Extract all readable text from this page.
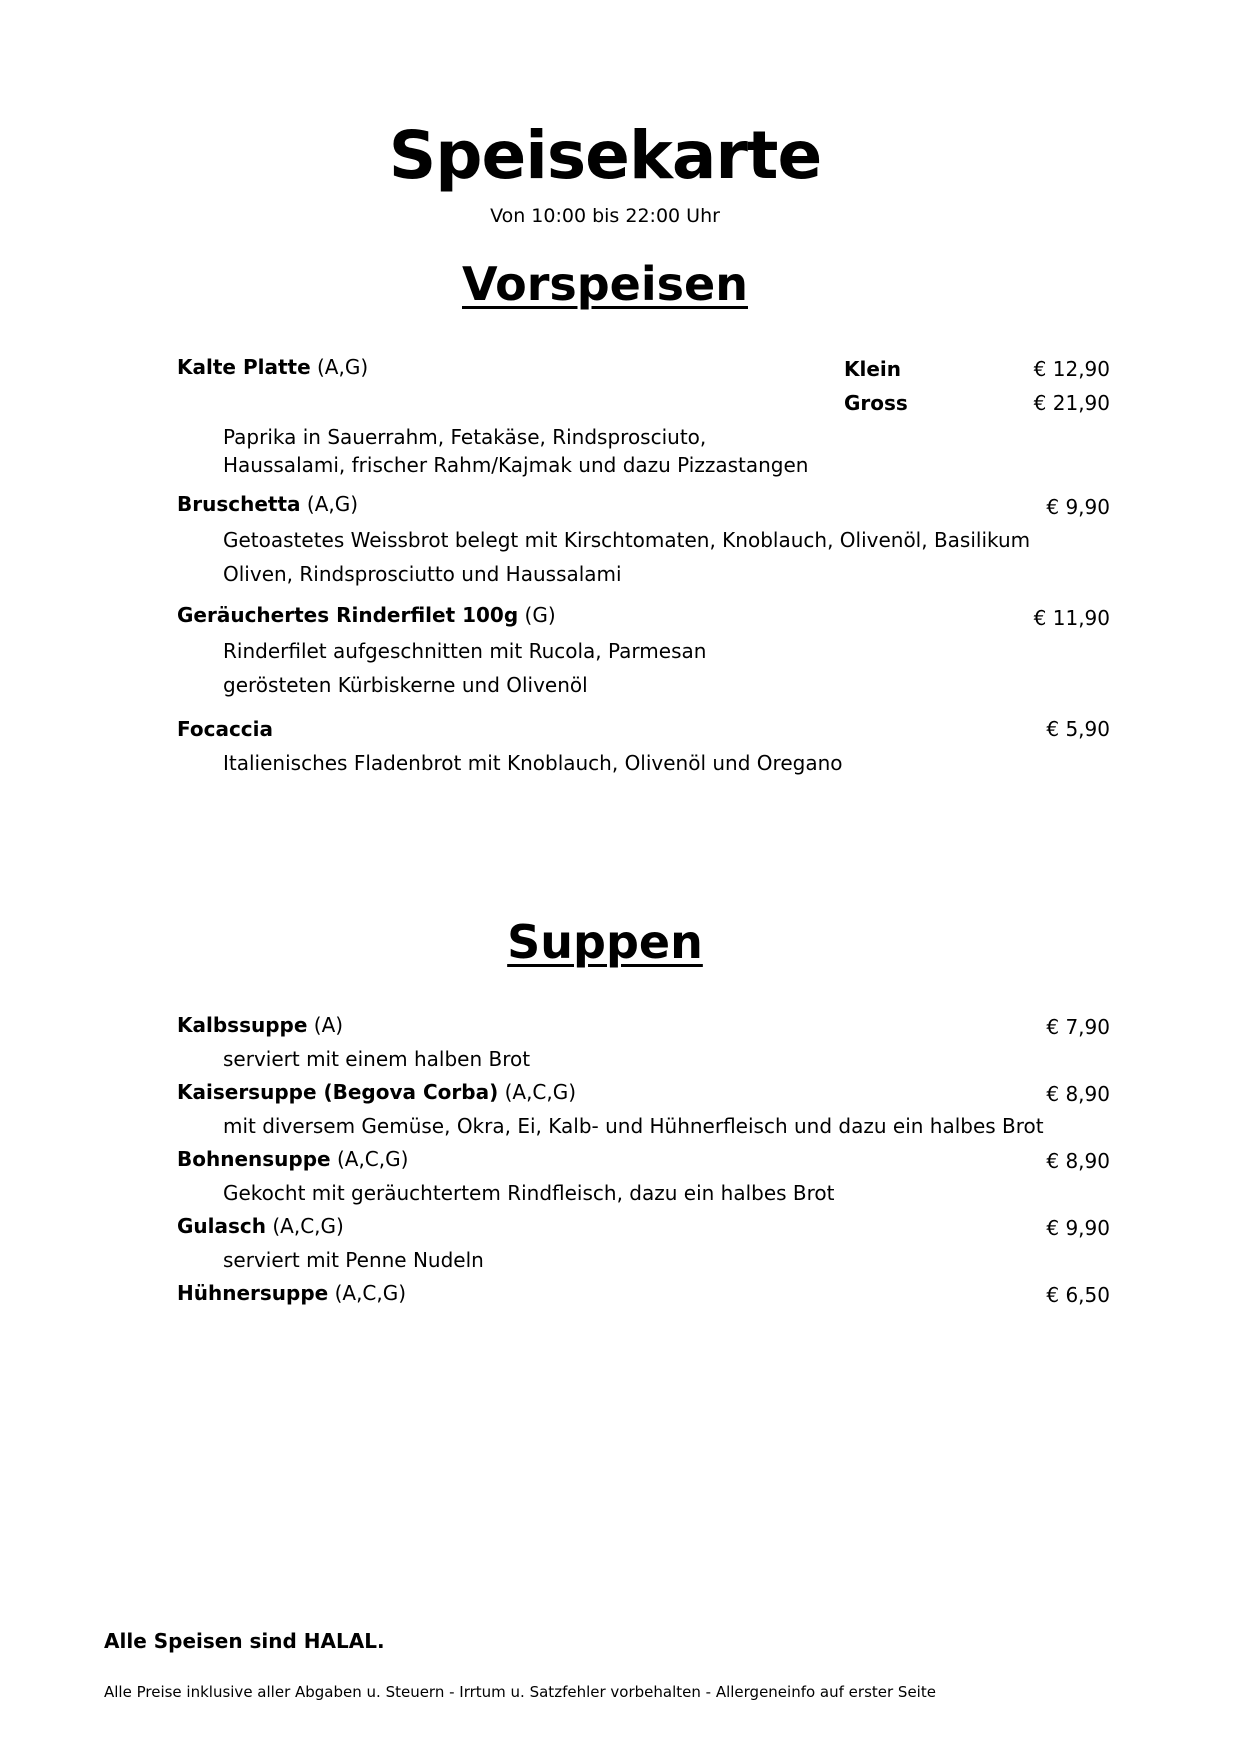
Speisekarte
Von 10:00 bis 22:00 Uhr
Vorspeisen
Kalte Platte (A,G)	Klein	€ 12,90
Gross	€ 21,90
Paprika in Sauerrahm, Fetakäse, Rindsprosciuto,
Haussalami, frischer Rahm/Kajmak und dazu Pizzastangen
Bruschetta (A,G)	€ 9,90
Getoastetes Weissbrot belegt mit Kirschtomaten, Knoblauch, Olivenöl, Basilikum
Oliven, Rindsprosciutto und Haussalami
Geräuchertes Rinderfilet 100g (G)	€ 11,90
Rinderfilet aufgeschnitten mit Rucola, Parmesan
gerösteten Kürbiskerne und Olivenöl
Focaccia	€ 5,90
Italienisches Fladenbrot mit Knoblauch, Olivenöl und Oregano
Suppen
Kalbssuppe (A)	€ 7,90
serviert mit einem halben Brot
Kaisersuppe (Begova Corba) (A,C,G)	€ 8,90
mit diversem Gemüse, Okra, Ei, Kalb- und Hühnerfleisch und dazu ein halbes Brot
Bohnensuppe (A,C,G)	€ 8,90
Gekocht mit geräuchtertem Rindfleisch, dazu ein halbes Brot
Gulasch (A,C,G)	€ 9,90
serviert mit Penne Nudeln
Hühnersuppe (A,C,G)	€ 6,50
Alle Speisen sind HALAL.
Alle Preise inklusive aller Abgaben u. Steuern - Irrtum u. Satzfehler vorbehalten - Allergeneinfo auf erster Seite
